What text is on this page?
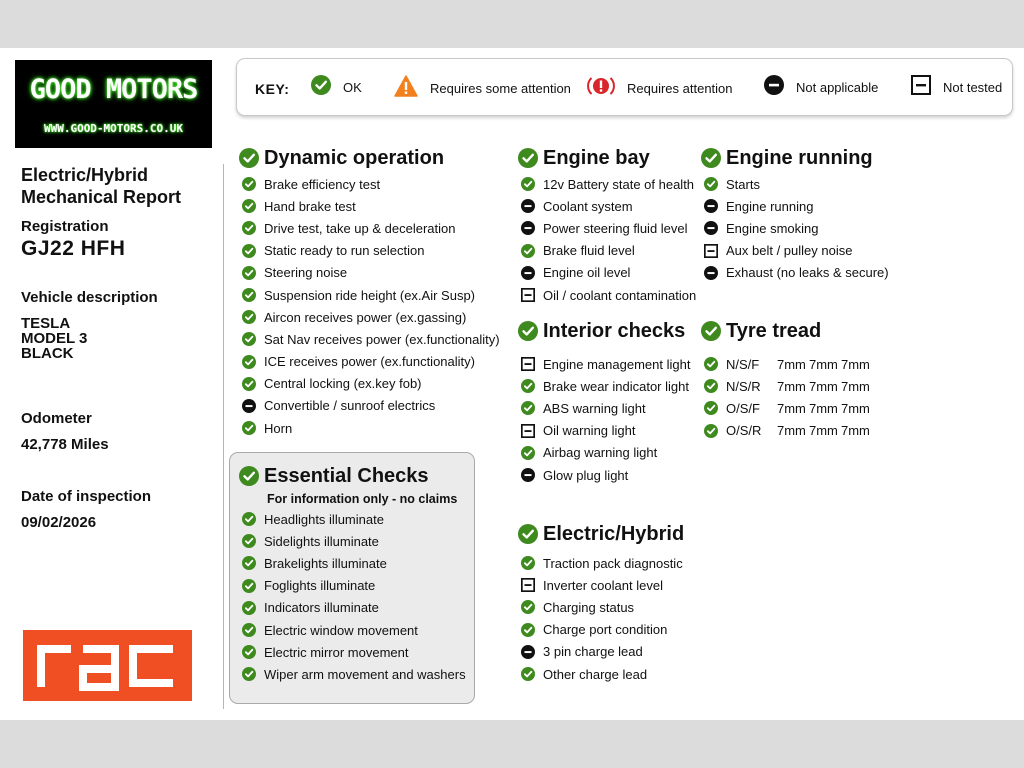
GOOD MOTORS
WWW.GOOD-MOTORS.CO.UK
Electric/Hybrid
Mechanical Report
Registration
GJ22 HFH
Vehicle description
TESLA
MODEL 3
BLACK
Odometer
42,778 Miles
Date of inspection
09/02/2026
KEY:	OK	Requires some attention	Requires attention	Not applicable	Not tested
Dynamic operation
Brake efficiency test
Hand brake test
Drive test, take up & deceleration
Static ready to run selection
Steering noise
Suspension ride height (ex.Air Susp)
Aircon receives power (ex.gassing)
Sat Nav receives power (ex.functionality)
ICE receives power (ex.functionality)
Central locking (ex.key fob)
Convertible / sunroof electrics
Horn
Essential Checks
For information only - no claims
Headlights illuminate
Sidelights illuminate
Brakelights illuminate
Foglights illuminate
Indicators illuminate
Electric window movement
Electric mirror movement
Wiper arm movement and washers
Engine bay
12v Battery state of health
Coolant system
Power steering fluid level
Brake fluid level
Engine oil level
Oil / coolant contamination
Interior checks
Engine management light
Brake wear indicator light
ABS warning light
Oil warning light
Airbag warning light
Glow plug light
Electric/Hybrid
Traction pack diagnostic
Inverter coolant level
Charging status
Charge port condition
3 pin charge lead
Other charge lead
Engine running
Starts
Engine running
Engine smoking
Aux belt / pulley noise
Exhaust (no leaks & secure)
Tyre tread
N/S/F	7mm 7mm 7mm
N/S/R	7mm 7mm 7mm
O/S/F	7mm 7mm 7mm
O/S/R	7mm 7mm 7mm
